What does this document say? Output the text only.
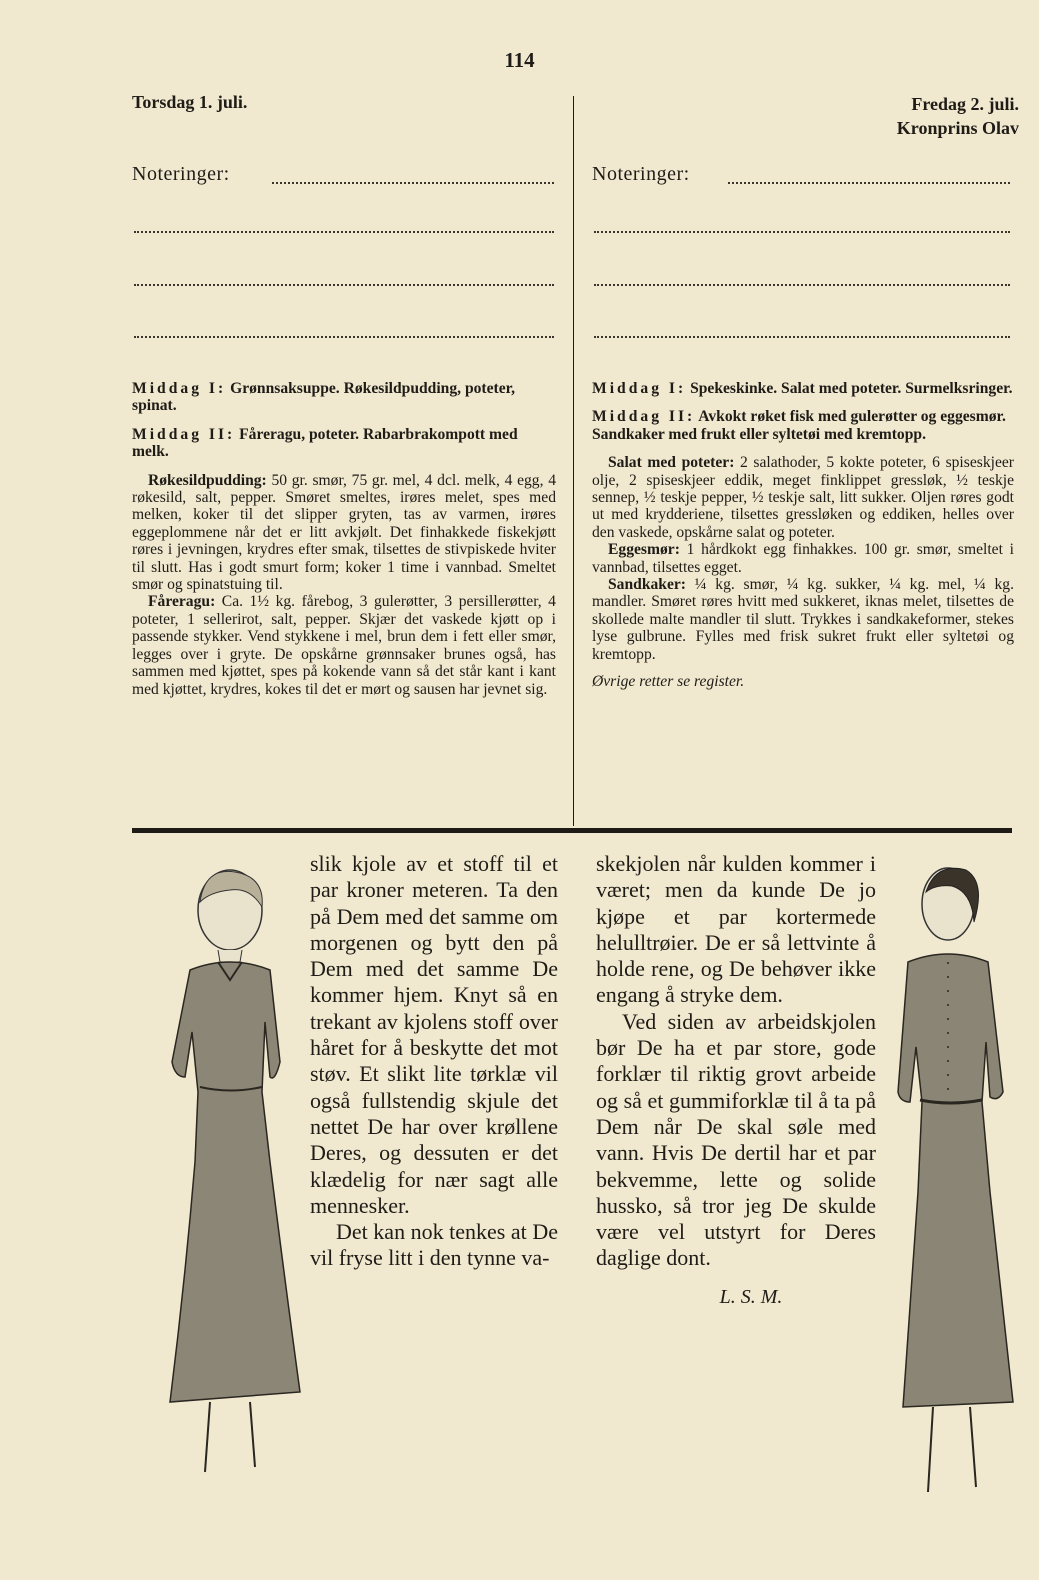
114
Torsdag 1. juli.	Fredag 2. juli.
Kronprins Olav
Noteringer:	Noteringer:

Middag I: Grønnsaksuppe. Røkesildpudding, poteter, spinat.

Middag II: Fåreragu, poteter. Rabarbrakompott med melk.

Røkesildpudding: 50 gr. smør, 75 gr. mel, 4 dcl. melk, 4 egg, 4 røkesild, salt, pepper. Smøret smeltes, irøres melet, spes med melken, koker til det slipper gryten, tas av varmen, irøres eggeplommene når det er litt avkjølt. Det finhakkede fiskekjøtt røres i jevningen, krydres efter smak, tilsettes de stivpiskede hviter til slutt. Has i godt smurt form; koker 1 time i vannbad. Smeltet smør og spinatstuing til.

Fåreragu: Ca. 1½ kg. fårebog, 3 gulerøtter, 3 persillerøtter, 4 poteter, 1 sellerirot, salt, pepper. Skjær det vaskede kjøtt op i passende stykker. Vend stykkene i mel, brun dem i fett eller smør, legges over i gryte. De opskårne grønnsaker brunes også, has sammen med kjøttet, spes på kokende vann så det står kant i kant med kjøttet, krydres, kokes til det er mørt og sausen har jevnet sig.

Middag I: Spekeskinke. Salat med poteter. Surmelksringer.

Middag II: Avkokt røket fisk med gulerøtter og eggesmør. Sandkaker med frukt eller syltetøi med kremtopp.

Salat med poteter: 2 salathoder, 5 kokte poteter, 6 spiseskjeer olje, 2 spiseskjeer eddik, meget finklippet gressløk, ½ teskje sennep, ½ teskje pepper, ½ teskje salt, litt sukker. Oljen røres godt ut med krydderiene, tilsettes gressløken og eddiken, helles over den vaskede, opskårne salat og poteter.

Eggesmør: 1 hårdkokt egg finhakkes. 100 gr. smør, smeltet i vannbad, tilsettes egget.

Sandkaker: ¼ kg. smør, ¼ kg. sukker, ¼ kg. mel, ¼ kg. mandler. Smøret røres hvitt med sukkeret, iknas melet, tilsettes de skollede malte mandler til slutt. Trykkes i sandkakeformer, stekes lyse gulbrune. Fylles med frisk sukret frukt eller syltetøi og kremtopp.

Øvrige retter se register.

slik kjole av et stoff til et par kroner meteren. Ta den på Dem med det samme om morgenen og bytt den på Dem med det samme De kommer hjem. Knyt så en trekant av kjolens stoff over håret for å beskytte det mot støv. Et slikt lite tørklæ vil også fullstendig skjule det nettet De har over krøllene Deres, og dessuten er det klædelig for nær sagt alle mennesker.

Det kan nok tenkes at De vil fryse litt i den tynne va-

skekjolen når kulden kommer i været; men da kunde De jo kjøpe et par kortermede helulltrøier. De er så lettvinte å holde rene, og De behøver ikke engang å stryke dem.

Ved siden av arbeidskjolen bør De ha et par store, gode forklær til riktig grovt arbeide og så et gummiforklæ til å ta på Dem når De skal søle med vann. Hvis De dertil har et par bekvemme, lette og solide hussko, så tror jeg De skulde være vel utstyrt for Deres daglige dont.

L. S. M.
